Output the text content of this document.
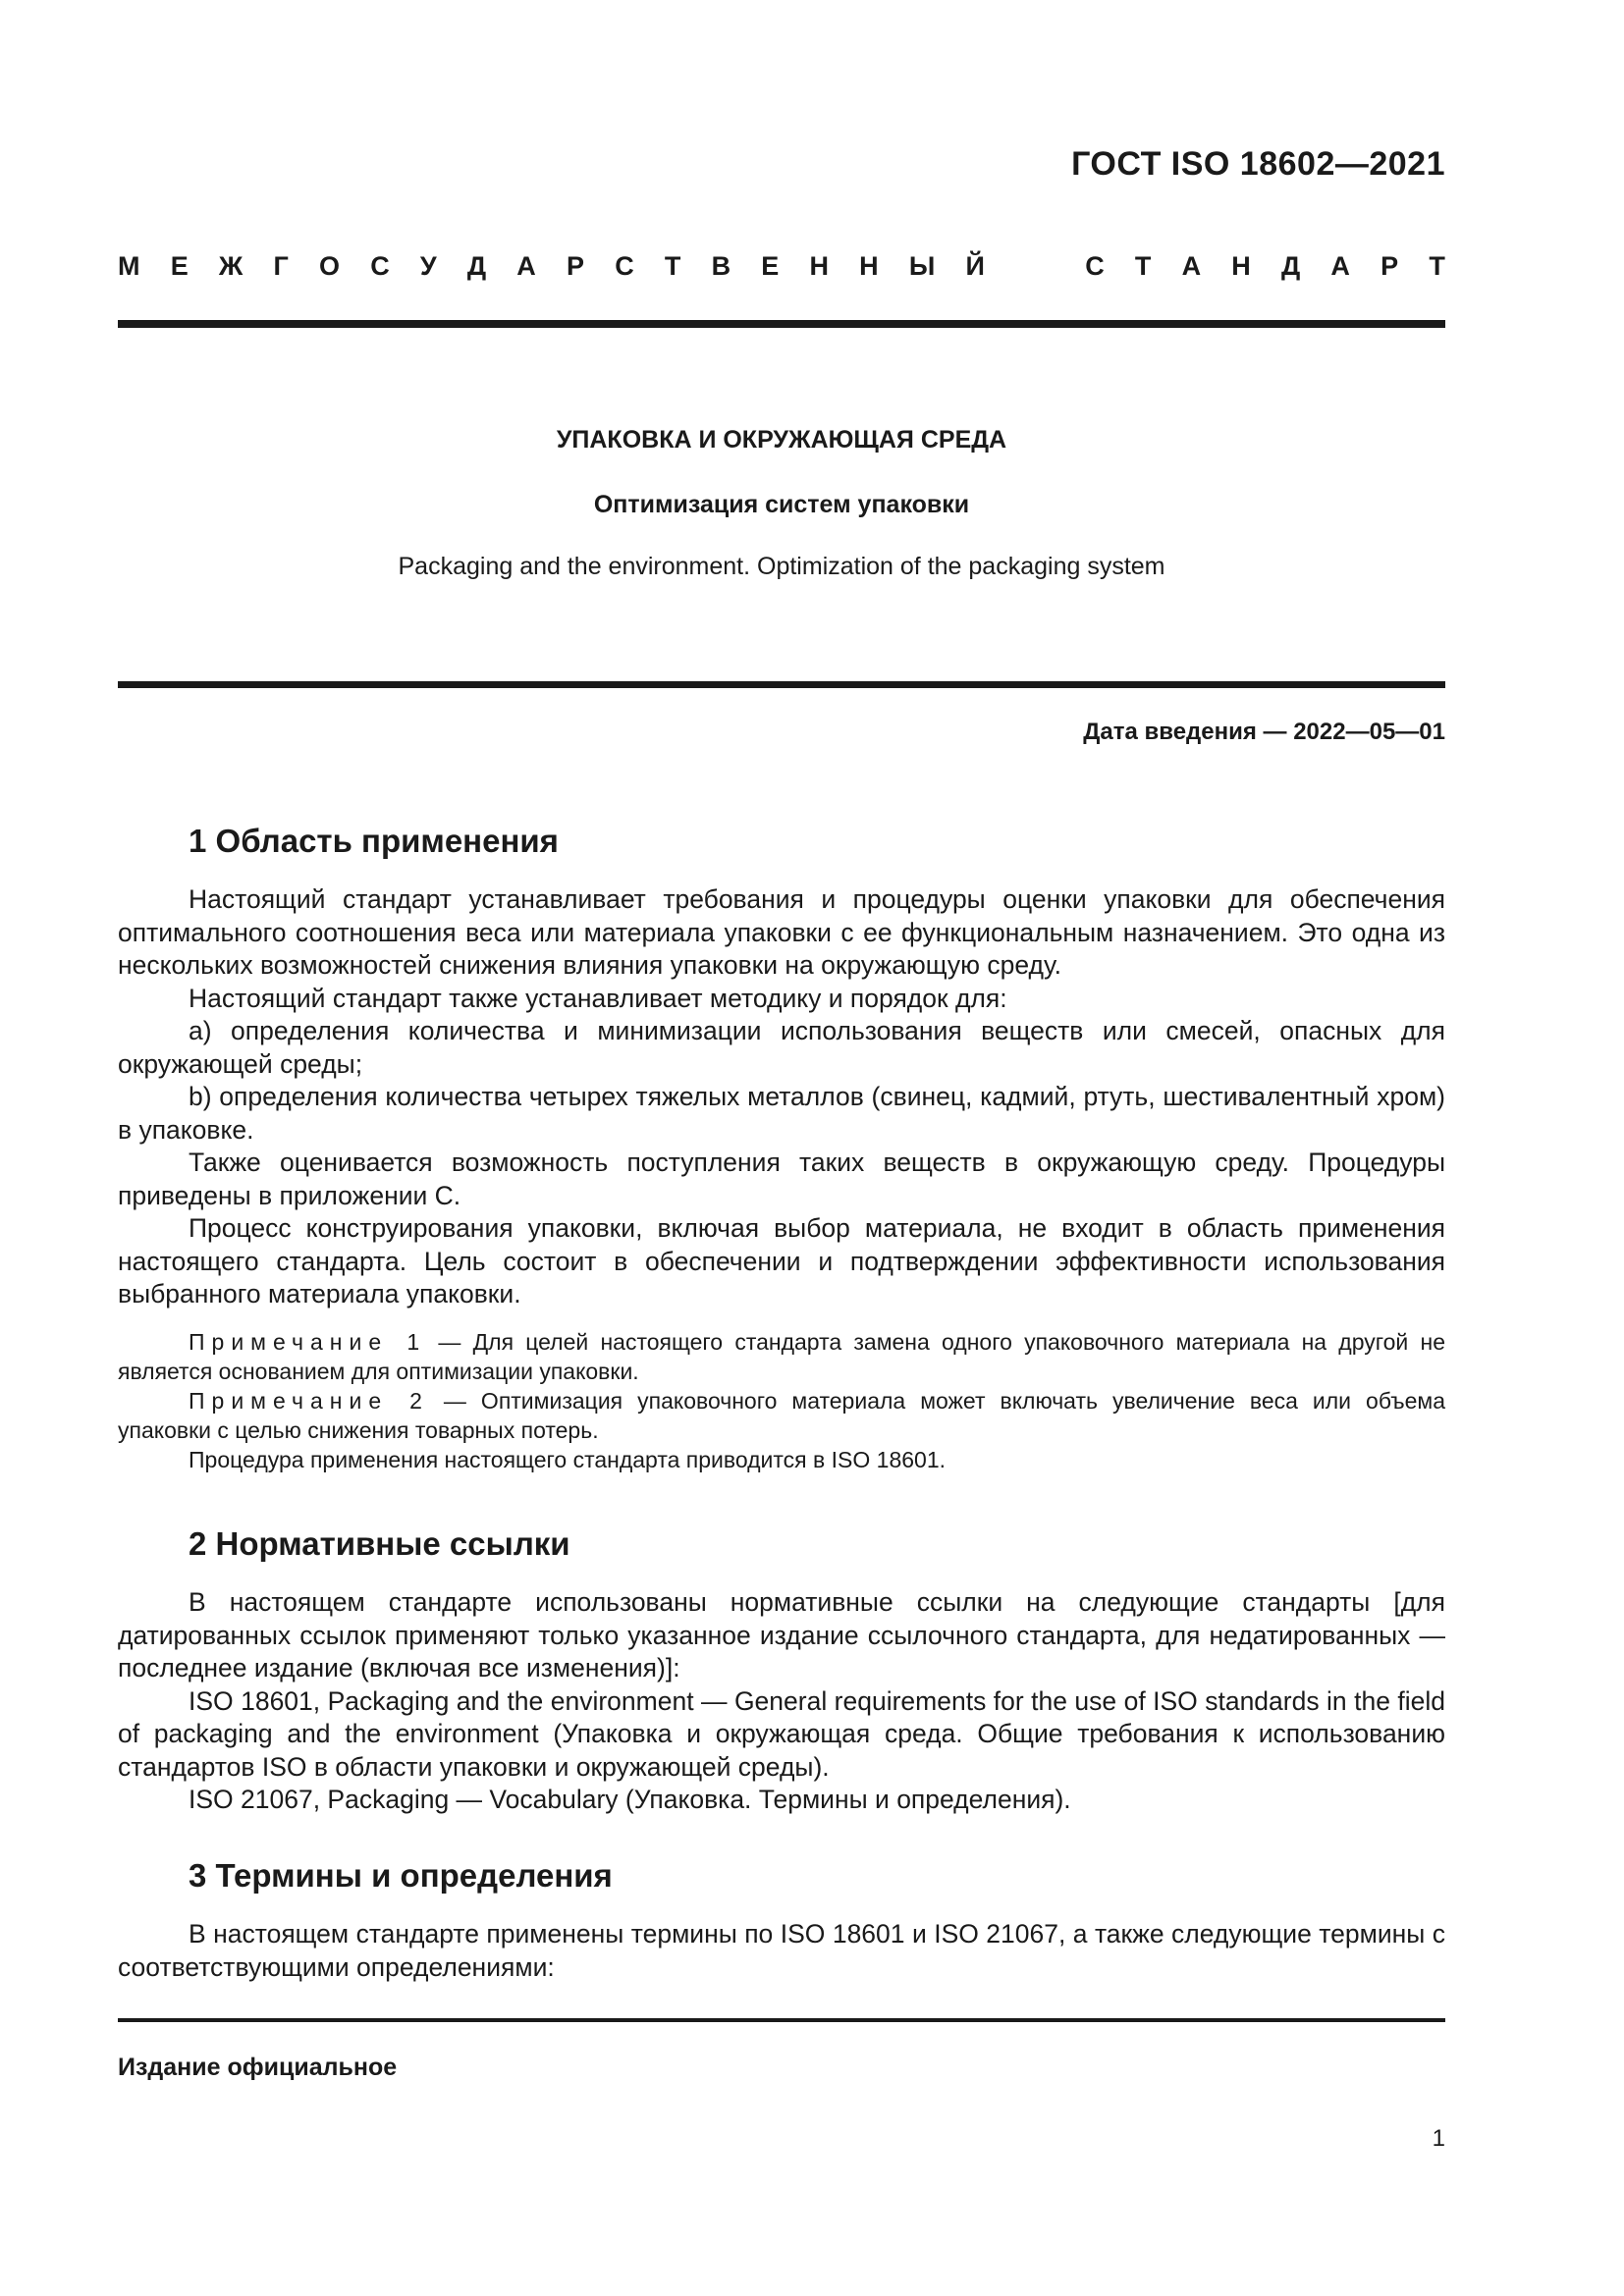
ГОСТ ISO 18602—2021
М Е Ж Г О С У Д А Р С Т В Е Н Н Ы Й	С Т А Н Д А Р Т
УПАКОВКА И ОКРУЖАЮЩАЯ СРЕДА
Оптимизация систем упаковки
Packaging and the environment. Optimization of the packaging system
Дата введения — 2022—05—01
1 Область применения

Настоящий стандарт устанавливает требования и процедуры оценки упаковки для обеспечения оптимального соотношения веса или материала упаковки с ее функциональным назначением. Это одна из нескольких возможностей снижения влияния упаковки на окружающую среду.

Настоящий стандарт также устанавливает методику и порядок для:

а) определения количества и минимизации использования веществ или смесей, опасных для окружающей среды;

b) определения количества четырех тяжелых металлов (свинец, кадмий, ртуть, шестивалентный хром) в упаковке.

Также оценивается возможность поступления таких веществ в окружающую среду. Процедуры приведены в приложении С.

Процесс конструирования упаковки, включая выбор материала, не входит в область применения настоящего стандарта. Цель состоит в обеспечении и подтверждении эффективности использования выбранного материала упаковки.

Примечание 1 — Для целей настоящего стандарта замена одного упаковочного материала на другой не является основанием для оптимизации упаковки.

Примечание 2 — Оптимизация упаковочного материала может включать увеличение веса или объема упаковки с целью снижения товарных потерь.

Процедура применения настоящего стандарта приводится в ISO 18601.

2 Нормативные ссылки

В настоящем стандарте использованы нормативные ссылки на следующие стандарты [для датированных ссылок применяют только указанное издание ссылочного стандарта, для недатированных — последнее издание (включая все изменения)]:

ISO 18601, Packaging and the environment — General requirements for the use of ISO standards in the field of packaging and the environment (Упаковка и окружающая среда. Общие требования к использованию стандартов ISO в области упаковки и окружающей среды).

ISO 21067, Packaging — Vocabulary (Упаковка. Термины и определения).

3 Термины и определения

В настоящем стандарте применены термины по ISO 18601 и ISO 21067, а также следующие термины с соответствующими определениями:

Издание официальное
1
